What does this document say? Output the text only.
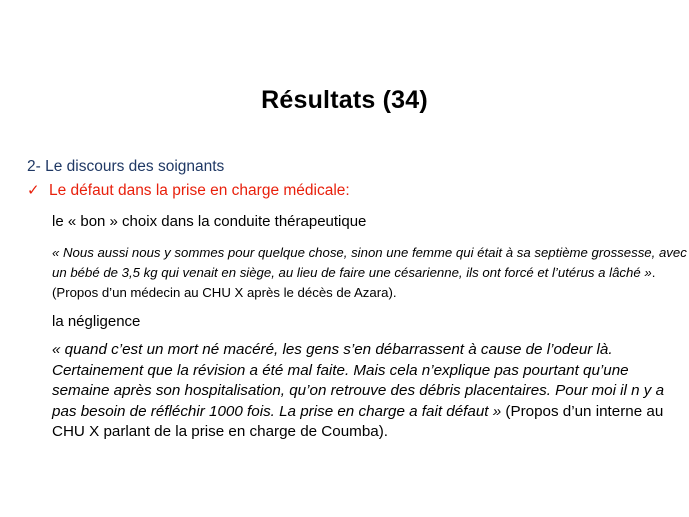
Résultats (34)
2- Le discours des soignants
✓ Le défaut dans la prise en charge médicale:
le « bon » choix dans la conduite thérapeutique
« Nous aussi nous y sommes pour quelque chose, sinon une femme qui était à sa septième grossesse, avec un bébé de 3,5 kg qui venait en siège, au lieu de faire une césarienne, ils ont forcé et l’utérus a lâché ». (Propos d’un médecin au CHU X après le décès de Azara).
la négligence
« quand c’est un mort né macéré, les gens s’en débarrassent à cause de l’odeur là. Certainement que la révision a été mal faite. Mais cela n’explique pas pourtant qu’une semaine après son hospitalisation, qu’on retrouve des débris placentaires. Pour moi il n y a pas besoin de réfléchir 1000 fois. La prise en charge a fait défaut » (Propos d’un interne au CHU X parlant de la prise en charge de Coumba).
